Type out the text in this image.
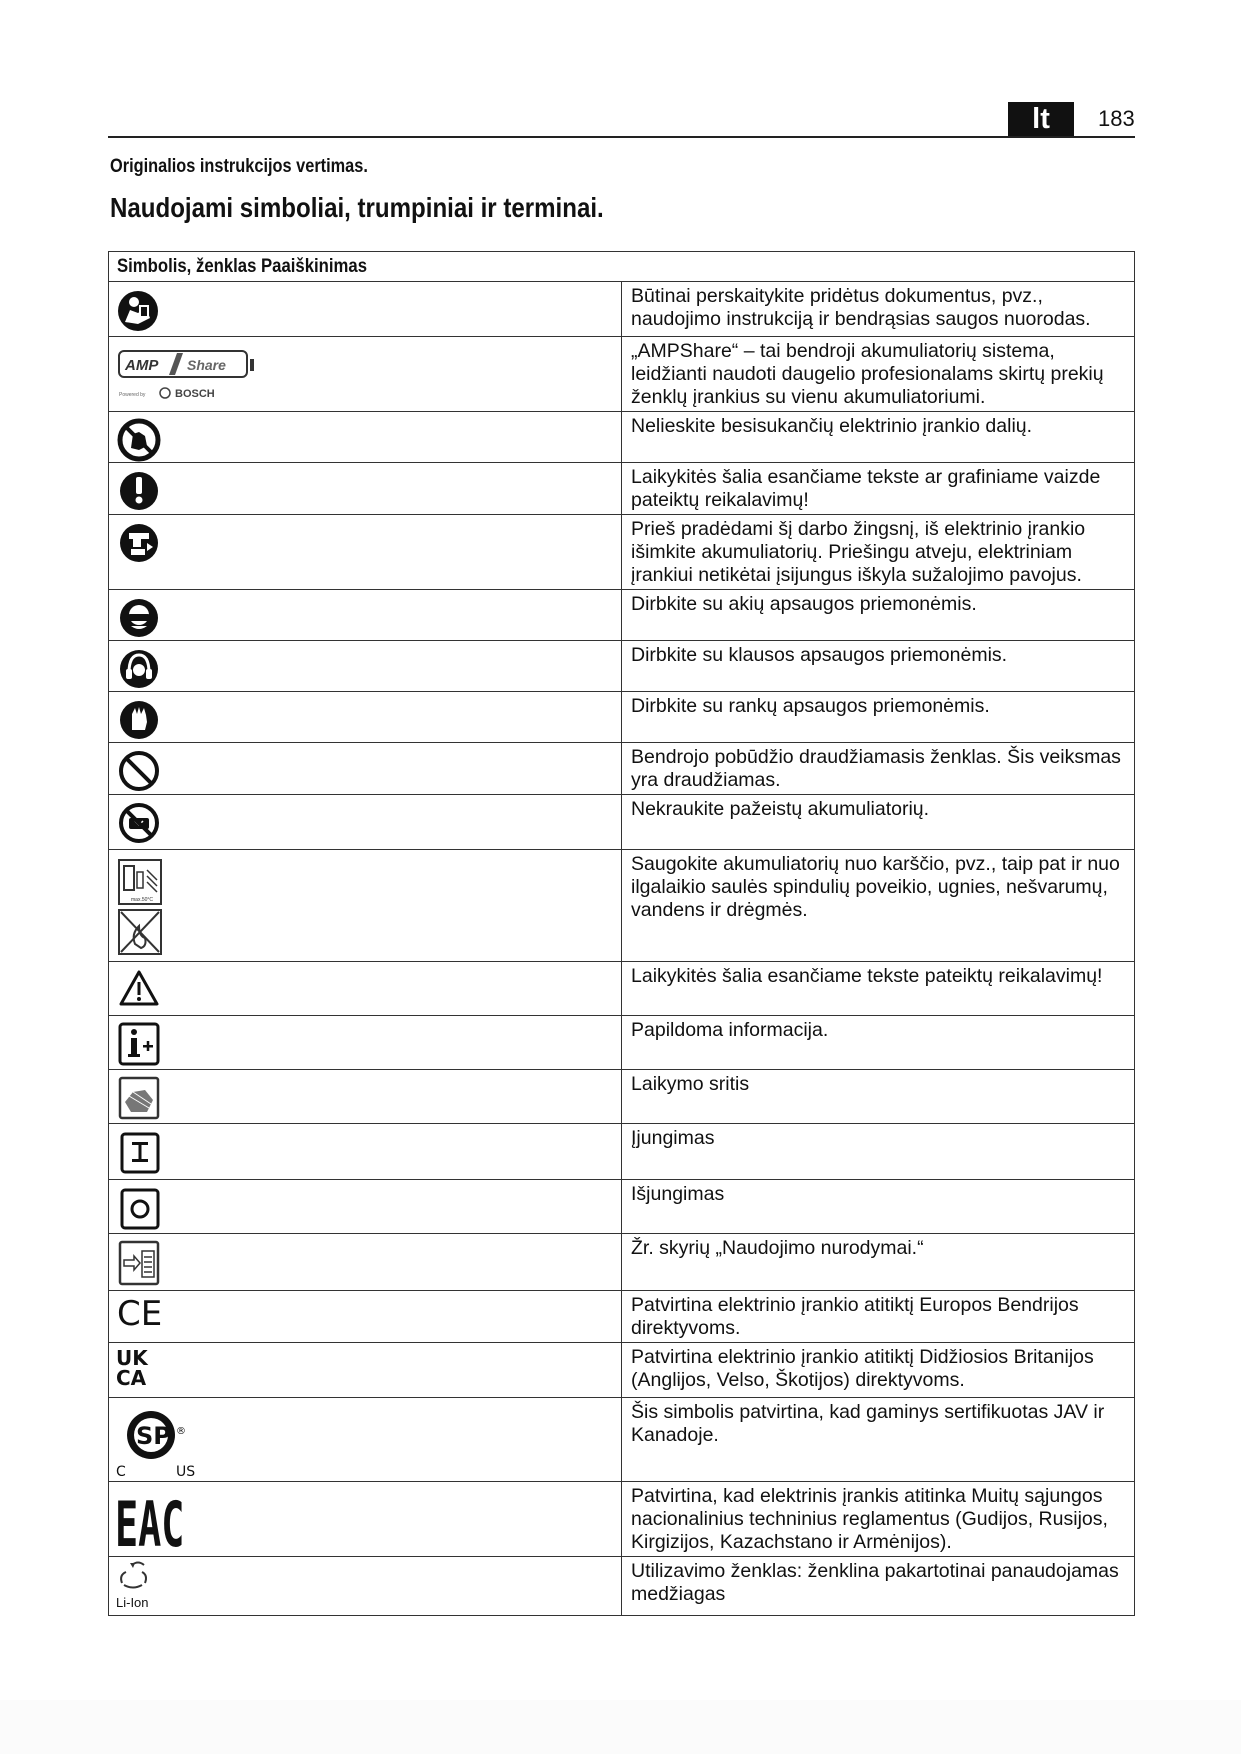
lt	183
Originalios instrukcijos vertimas.
Naudojami simboliai, trumpiniai ir terminai.
Simbolis, ženklas Paaiškinimas	

	Būtinai perskaitykite pridėtus dokumentus, pvz., naudojimo instrukciją ir bendrąsias saugos nuorodas.

AMP Share
Powered by BOSCH	„AMPShare“ – tai bendroji akumuliatorių sistema, leidžianti naudoti daugelio profesionalams skirtų prekių ženklų įrankius su vienu akumuliatoriumi.

	Nelieskite besisukančių elektrinio įrankio dalių.

	Laikykitės šalia esančiame tekste ar grafiniame vaizde pateiktų reikalavimų!

	Prieš pradėdami šį darbo žingsnį, iš elektrinio įrankio išimkite akumuliatorių. Priešingu atveju, elektriniam įrankiui netikėtai įsijungus iškyla sužalojimo pavojus.

	Dirbkite su akių apsaugos priemonėmis.

	Dirbkite su klausos apsaugos priemonėmis.

	Dirbkite su rankų apsaugos priemonėmis.

	Bendrojo pobūdžio draudžiamasis ženklas. Šis veiksmas yra draudžiamas.

	Nekraukite pažeistų akumuliatorių.

max.50°C	Saugokite akumuliatorių nuo karščio, pvz., taip pat ir nuo ilgalaikio saulės spindulių poveikio, ugnies, nešvarumų, vandens ir drėgmės.

	Laikykitės šalia esančiame tekste pateiktų reikalavimų!

	Papildoma informacija.

	Laikymo sritis

	Įjungimas

	Išjungimas

	Žr. skyrių „Naudojimo nurodymai.“

CE	Patvirtina elektrinio įrankio atitiktį Europos Bendrijos direktyvoms.

UK
CA	Patvirtina elektrinio įrankio atitiktį Didžiosios Britanijos (Anglijos, Velso, Škotijos) direktyvoms.

SP ®
C US	Šis simbolis patvirtina, kad gaminys sertifikuotas JAV ir Kanadoje.

EAC	Patvirtina, kad elektrinis įrankis atitinka Muitų sąjungos nacionalinius techninius reglamentus (Gudijos, Rusijos, Kirgizijos, Kazachstano ir Armėnijos).

Li-Ion	Utilizavimo ženklas: ženklina pakartotinai panaudojamas medžiagas
